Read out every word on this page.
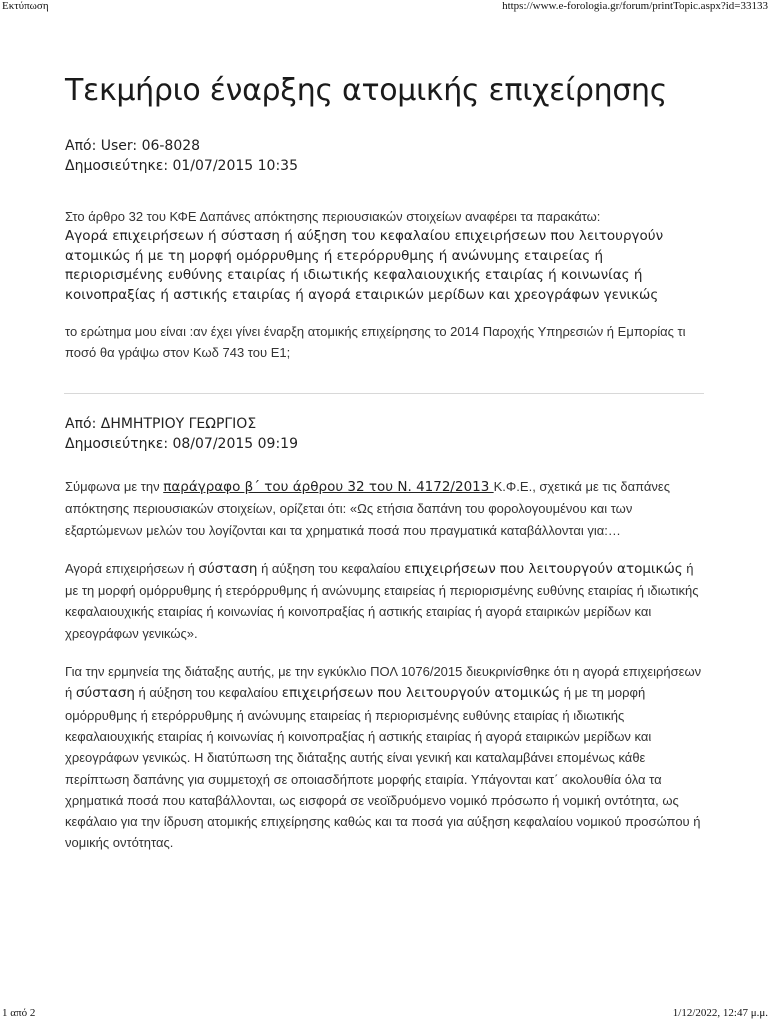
Εκτύπωση	https://www.e-forologia.gr/forum/printTopic.aspx?id=33133
Τεκμήριο έναρξης ατομικής επιχείρησης
Από: User: 06-8028
Δημοσιεύτηκε: 01/07/2015 10:35

Στο άρθρο 32 του ΚΦΕ Δαπάνες απόκτησης περιουσιακών στοιχείων αναφέρει τα παρακάτω:

Αγορά επιχειρήσεων ή σύσταση ή αύξηση του κεφαλαίου επιχειρήσεων που λειτουργούν ατομικώς ή με τη μορφή ομόρρυθμης ή ετερόρρυθμης ή ανώνυμης εταιρείας ή περιορισμένης ευθύνης εταιρίας ή ιδιωτικής κεφαλαιουχικής εταιρίας ή κοινωνίας ή κοινοπραξίας ή αστικής εταιρίας ή αγορά εταιρικών μερίδων και χρεογράφων γενικώς

το ερώτημα μου είναι :αν έχει γίνει έναρξη ατομικής επιχείρησης το 2014 Παροχής Υπηρεσιών ή Εμπορίας τι ποσό θα γράψω στον Κωδ 743 του Ε1;

Από: ΔΗΜΗΤΡΙΟΥ ΓΕΩΡΓΙΟΣ
Δημοσιεύτηκε: 08/07/2015 09:19

Σύμφωνα με την παράγραφο β΄ του άρθρου 32 του Ν. 4172/2013 Κ.Φ.Ε., σχετικά με τις δαπάνες απόκτησης περιουσιακών στοιχείων, ορίζεται ότι: «Ως ετήσια δαπάνη του φορολογουμένου και των εξαρτώμενων μελών του λογίζονται και τα χρηματικά ποσά που πραγματικά καταβάλλονται για:…

Αγορά επιχειρήσεων ή σύσταση ή αύξηση του κεφαλαίου επιχειρήσεων που λειτουργούν ατομικώς ή με τη μορφή ομόρρυθμης ή ετερόρρυθμης ή ανώνυμης εταιρείας ή περιορισμένης ευθύνης εταιρίας ή ιδιωτικής κεφαλαιουχικής εταιρίας ή κοινωνίας ή κοινοπραξίας ή αστικής εταιρίας ή αγορά εταιρικών μερίδων και χρεογράφων γενικώς».

Για την ερμηνεία της διάταξης αυτής, με την εγκύκλιο ΠΟΛ 1076/2015 διευκρινίσθηκε ότι η αγορά επιχειρήσεων ή σύσταση ή αύξηση του κεφαλαίου επιχειρήσεων που λειτουργούν ατομικώς ή με τη μορφή ομόρρυθμης ή ετερόρρυθμης ή ανώνυμης εταιρείας ή περιορισμένης ευθύνης εταιρίας ή ιδιωτικής κεφαλαιουχικής εταιρίας ή κοινωνίας ή κοινοπραξίας ή αστικής εταιρίας ή αγορά εταιρικών μερίδων και χρεογράφων γενικώς. Η διατύπωση της διάταξης αυτής είναι γενική και καταλαμβάνει επομένως κάθε περίπτωση δαπάνης για συμμετοχή σε οποιασδήποτε μορφής εταιρία. Υπάγονται κατ΄ ακολουθία όλα τα χρηματικά ποσά που καταβάλλονται, ως εισφορά σε νεοϊδρυόμενο νομικό πρόσωπο ή νομική οντότητα, ως κεφάλαιο για την ίδρυση ατομικής επιχείρησης καθώς και τα ποσά για αύξηση κεφαλαίου νομικού προσώπου ή νομικής οντότητας.

1 από 2	1/12/2022, 12:47 μ.μ.
